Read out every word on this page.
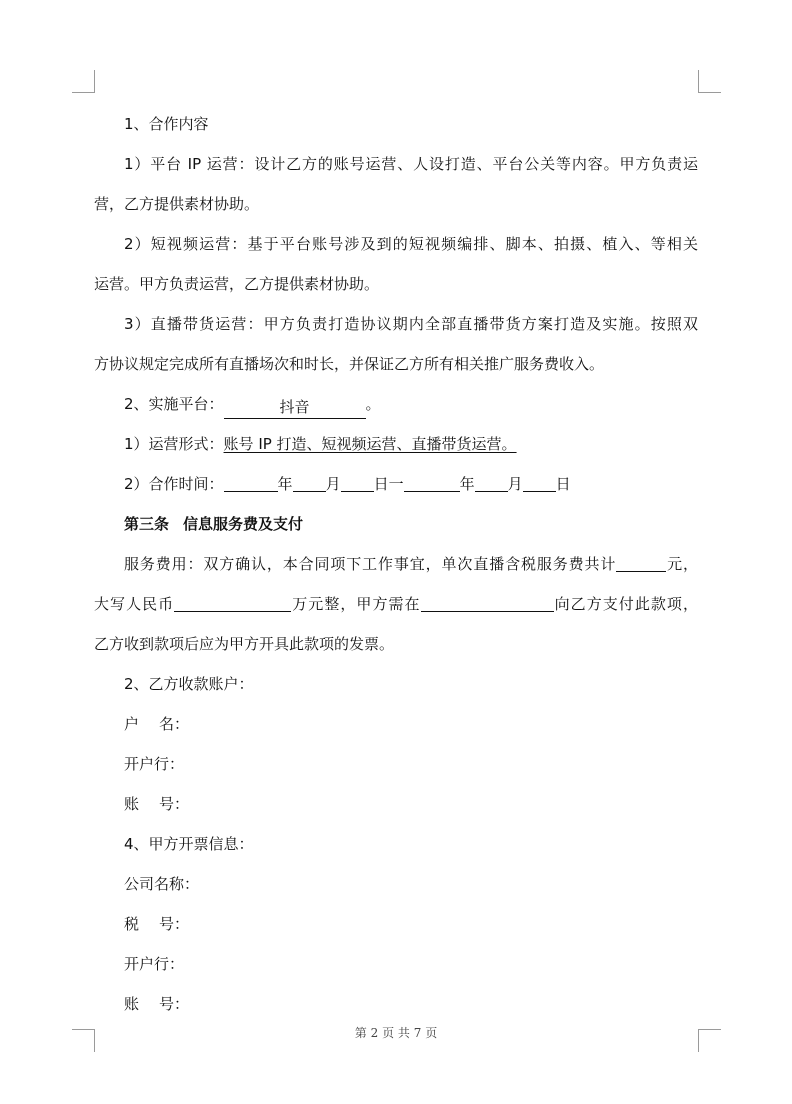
1、合作内容

1）平台 IP 运营：设计乙方的账号运营、人设打造、平台公关等内容。甲方负责运

营，乙方提供素材协助。

2）短视频运营：基于平台账号涉及到的短视频编排、脚本、拍摄、植入、等相关

运营。甲方负责运营，乙方提供素材协助。

3）直播带货运营：甲方负责打造协议期内全部直播带货方案打造及实施。按照双

方协议规定完成所有直播场次和时长，并保证乙方所有相关推广服务费收入。

2、实施平台：	抖音	。

1）运营形式：账号 IP 打造、短视频运营、直播带货运营。

2）合作时间：	年 月 日一	年 月 日

第三条 信息服务费及支付

服务费用：双方确认，本合同项下工作事宜，单次直播含税服务费共计	元，

大写人民币	万元整，甲方需在	向乙方支付此款项，

乙方收到款项后应为甲方开具此款项的发票。

2、乙方收款账户：

户 名：

开户行：

账 号：

4、甲方开票信息：

公司名称：

税 号：

开户行：

账 号：

第 2 页 共 7 页
